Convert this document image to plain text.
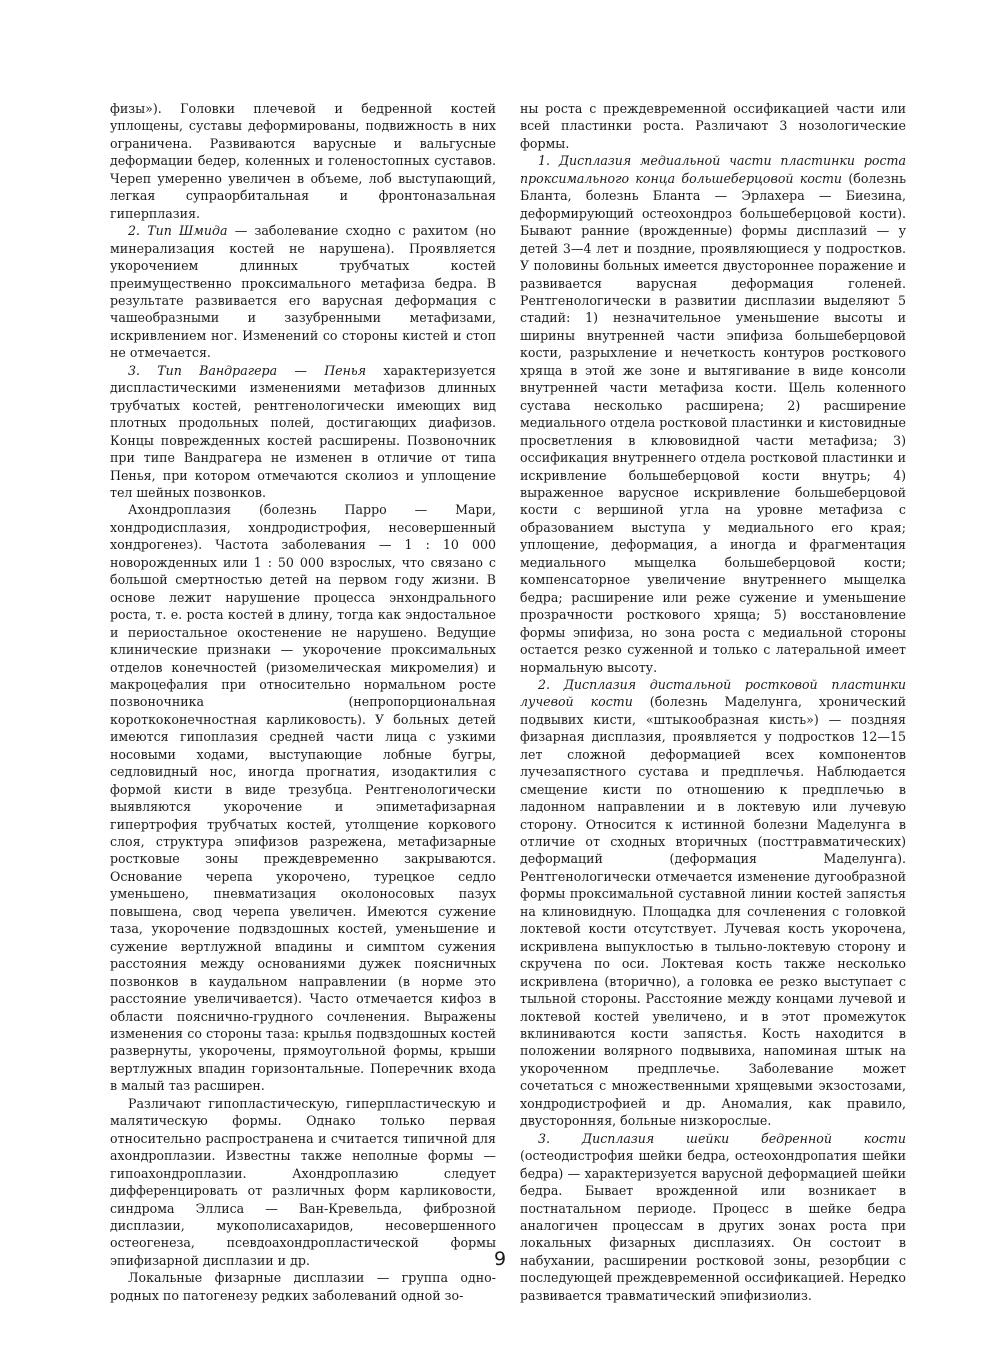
физы»). Головки плечевой и бедренной костей уплощены, суставы деформированы, подвижность в них ограничена. Развиваются варусные и вальгусные деформации бедер, коленных и голеностопных суставов. Череп умеренно увеличен в объеме, лоб выступающий, легкая супраорбитальная и фронтоназальная гиперплазия.

2. Тип Шмида — заболевание сходно с рахитом (но минерализация костей не нарушена). Проявляется укорочением длинных трубчатых костей преимущественно проксимального метафиза бедра. В результате развивается его варусная деформация с чашеобразными и зазубренными метафизами, искривлением ног. Изменений со стороны кистей и стоп не отмечается.

3. Тип Вандрагера — Пенья характеризуется диспластическими изменениями метафизов длинных трубчатых костей, рентгенологически имеющих вид плотных продольных полей, достигающих диафизов. Концы поврежденных костей расширены. Позвоночник при типе Вандрагера не изменен в отличие от типа Пенья, при котором отмечаются сколиоз и уплощение тел шейных позвонков.

Ахондроплазия (болезнь Парро — Мари, хондродисплазия, хондродистрофия, несовершенный хондрогенез). Частота заболевания — 1 : 10 000 новорожденных или 1 : 50 000 взрослых, что связано с большой смертностью детей на первом году жизни. В основе лежит нарушение процесса энхондрального роста, т. е. роста костей в длину, тогда как эндостальное и периостальное окостенение не нарушено. Ведущие клинические признаки — укорочение проксимальных отделов конечностей (ризомелическая микромелия) и макроцефалия при относительно нормальном росте позвоночника (непропорциональная короткоконечностная карликовость). У больных детей имеются гипоплазия средней части лица с узкими носовыми ходами, выступающие лобные бугры, седловидный нос, иногда прогнатия, изодактилия с формой кисти в виде трезубца. Рентгенологически выявляются укорочение и эпиметафизарная гипертрофия трубчатых костей, утолщение коркового слоя, структура эпифизов разрежена, метафизарные ростковые зоны преждевременно закрываются. Основание черепа укорочено, турецкое седло уменьшено, пневматизация околоносовых пазух повышена, свод черепа увеличен. Имеются сужение таза, укорочение подвздошных костей, уменьшение и сужение вертлужной впадины и симптом сужения расстояния между основаниями дужек поясничных позвонков в каудальном направлении (в норме это расстояние увеличивается). Часто отмечается кифоз в области пояснично-грудного сочленения. Выражены изменения со стороны таза: крылья подвздошных костей развернуты, укорочены, прямоугольной формы, крыши вертлужных впадин горизонтальные. Поперечник входа в малый таз расширен.

Различают гипопластическую, гиперпластическую и малятическую формы. Однако только первая относительно распространена и считается типичной для ахондроплазии. Известны также неполные формы — гипоахондроплазии. Ахондроплазию следует дифференцировать от различных форм карликовости, синдрома Эллиса — Ван-Кревельда, фиброзной дисплазии, мукополисахаридов, несовершенного остеогенеза, псевдоахондропластической формы эпифизарной дисплазии и др.

Локальные физарные дисплазии — группа одно-родных по патогенезу редких заболеваний одной зо-

ны роста с преждевременной оссификацией части или всей пластинки роста. Различают 3 нозологические формы.

1. Дисплазия медиальной части пластинки роста проксимального конца большеберцовой кости (болезнь Бланта, болезнь Бланта — Эрлахера — Биезина, деформирующий остеохондроз большеберцовой кости). Бывают ранние (врожденные) формы дисплазий — у детей 3—4 лет и поздние, проявляющиеся у подростков. У половины больных имеется двустороннее поражение и развивается варусная деформация голеней. Рентгенологически в развитии дисплазии выделяют 5 стадий: 1) незначительное уменьшение высоты и ширины внутренней части эпифиза большеберцовой кости, разрыхление и нечеткость контуров росткового хряща в этой же зоне и вытягивание в виде консоли внутренней части метафиза кости. Щель коленного сустава несколько расширена; 2) расширение медиального отдела ростковой пластинки и кистовидные просветления в клювовидной части метафиза; 3) оссификация внутреннего отдела ростковой пластинки и искривление большеберцовой кости внутрь; 4) выраженное варусное искривление большеберцовой кости с вершиной угла на уровне метафиза с образованием выступа у медиального его края; уплощение, деформация, а иногда и фрагментация медиального мыщелка большеберцовой кости; компенсаторное увеличение внутреннего мыщелка бедра; расширение или реже сужение и уменьшение прозрачности росткового хряща; 5) восстановление формы эпифиза, но зона роста с медиальной стороны остается резко суженной и только с латеральной имеет нормальную высоту.

2. Дисплазия дистальной ростковой пластинки лучевой кости (болезнь Маделунга, хронический подвывих кисти, «штыкообразная кисть») — поздняя физарная дисплазия, проявляется у подростков 12—15 лет сложной деформацией всех компонентов лучезапястного сустава и предплечья. Наблюдается смещение кисти по отношению к предплечью в ладонном направлении и в локтевую или лучевую сторону. Относится к истинной болезни Маделунга в отличие от сходных вторичных (посттравматических) деформаций (деформация Маделунга). Рентгенологически отмечается изменение дугообразной формы проксимальной суставной линии костей запястья на клиновидную. Площадка для сочленения с головкой локтевой кости отсутствует. Лучевая кость укорочена, искривлена выпуклостью в тыльно-локтевую сторону и скручена по оси. Локтевая кость также несколько искривлена (вторично), а головка ее резко выступает с тыльной стороны. Расстояние между концами лучевой и локтевой костей увеличено, и в этот промежуток вклиниваются кости запястья. Кость находится в положении волярного подвывиха, напоминая штык на укороченном предплечье. Заболевание может сочетаться с множественными хрящевыми экзостозами, хондродистрофией и др. Аномалия, как правило, двусторонняя, больные низкорослые.

3. Дисплазия шейки бедренной кости (остеодистрофия шейки бедра, остеохондропатия шейки бедра) — характеризуется варусной деформацией шейки бедра. Бывает врожденной или возникает в постнатальном периоде. Процесс в шейке бедра аналогичен процессам в других зонах роста при локальных физарных дисплазиях. Он состоит в набухании, расширении ростковой зоны, резорбции с последующей преждевременной оссификацией. Нередко развивается травматический эпифизиолиз.

9
